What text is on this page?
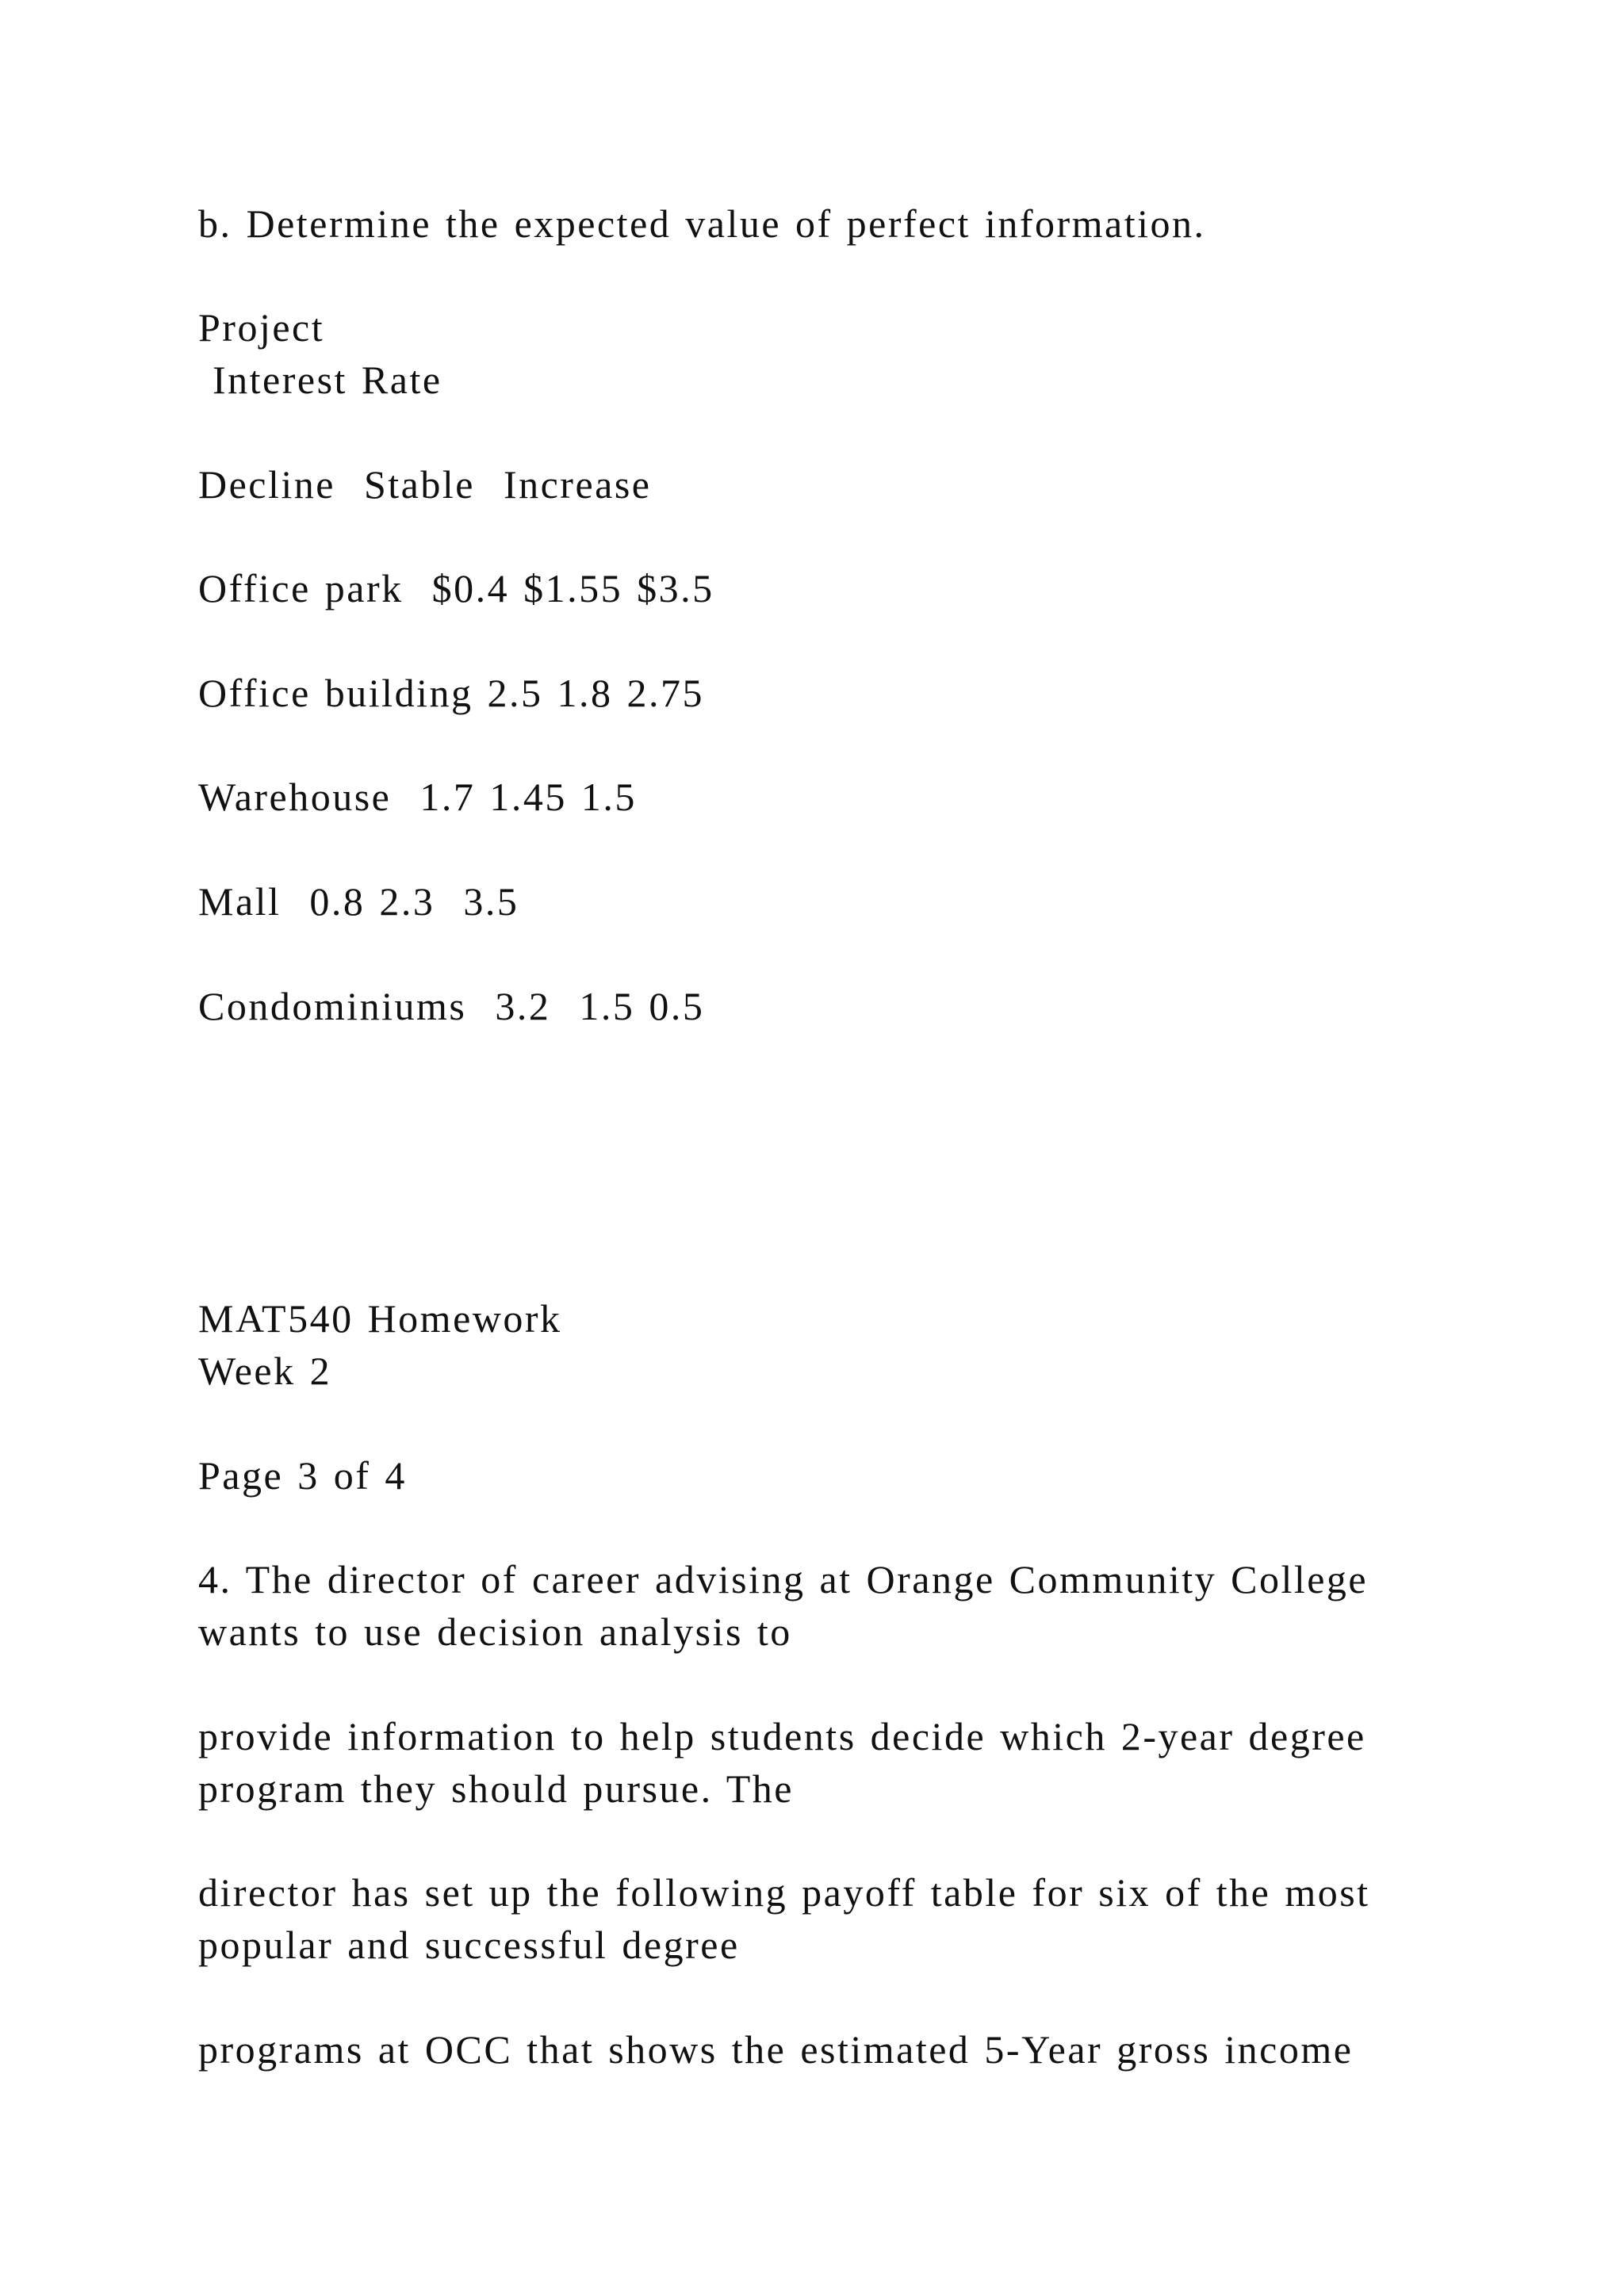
b. Determine the expected value of perfect information.

Project

Interest Rate

Decline  Stable  Increase

Office park  $0.4 $1.55 $3.5

Office building 2.5 1.8 2.75

Warehouse  1.7 1.45 1.5

Mall  0.8 2.3  3.5

Condominiums  3.2  1.5 0.5

MAT540 Homework

Week 2

Page 3 of 4

4. The director of career advising at Orange Community College

wants to use decision analysis to

provide information to help students decide which 2-year degree

program they should pursue. The

director has set up the following payoff table for six of the most

popular and successful degree

programs at OCC that shows the estimated 5-Year gross income
